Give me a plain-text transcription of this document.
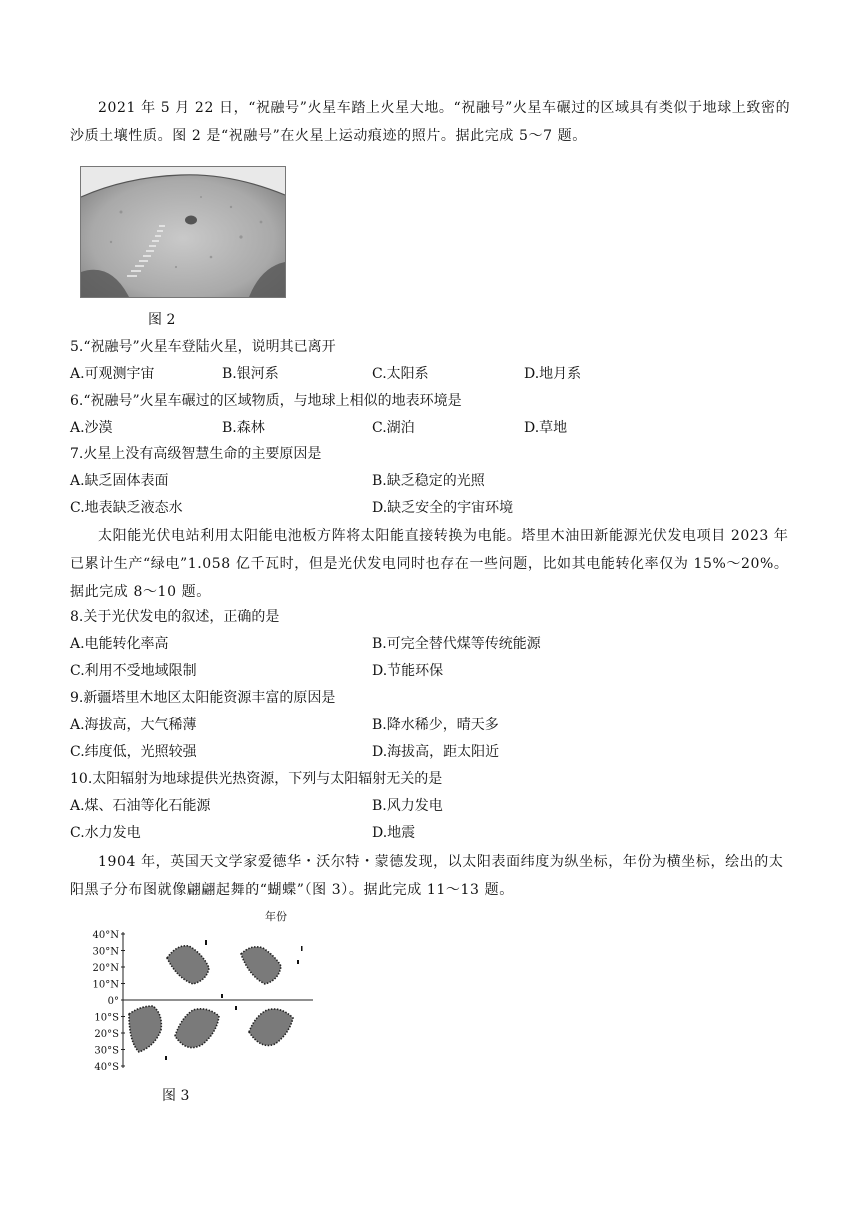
2021 年 5 月 22 日，“祝融号”火星车踏上火星大地。“祝融号”火星车碾过的区域具有类似于地球上致密的沙质土壤性质。图 2 是“祝融号”在火星上运动痕迹的照片。据此完成 5～7 题。
图 2
5.“祝融号”火星车登陆火星，说明其已离开
A.可观测宇宙	B.银河系	C.太阳系	D.地月系
6.“祝融号”火星车碾过的区域物质，与地球上相似的地表环境是
A.沙漠	B.森林	C.湖泊	D.草地
7.火星上没有高级智慧生命的主要原因是
A.缺乏固体表面	B.缺乏稳定的光照
C.地表缺乏液态水	D.缺乏安全的宇宙环境
太阳能光伏电站利用太阳能电池板方阵将太阳能直接转换为电能。塔里木油田新能源光伏发电项目 2023 年已累计生产“绿电”1.058 亿千瓦时，但是光伏发电同时也存在一些问题，比如其电能转化率仅为 15%～20%。据此完成 8～10 题。
8.关于光伏发电的叙述，正确的是
A.电能转化率高	B.可完全替代煤等传统能源
C.利用不受地域限制	D.节能环保
9.新疆塔里木地区太阳能资源丰富的原因是
A.海拔高，大气稀薄	B.降水稀少，晴天多
C.纬度低，光照较强	D.海拔高，距太阳近
10.太阳辐射为地球提供光热资源，下列与太阳辐射无关的是
A.煤、石油等化石能源	B.风力发电
C.水力发电	D.地震
1904 年，英国天文学家爱德华・沃尔特・蒙德发现，以太阳表面纬度为纵坐标，年份为横坐标，绘出的太阳黑子分布图就像翩翩起舞的“蝴蝶”（图 3）。据此完成 11～13 题。
年份
40°N
30°N
20°N
10°N
0°
10°S
20°S
30°S
40°S
图 3
